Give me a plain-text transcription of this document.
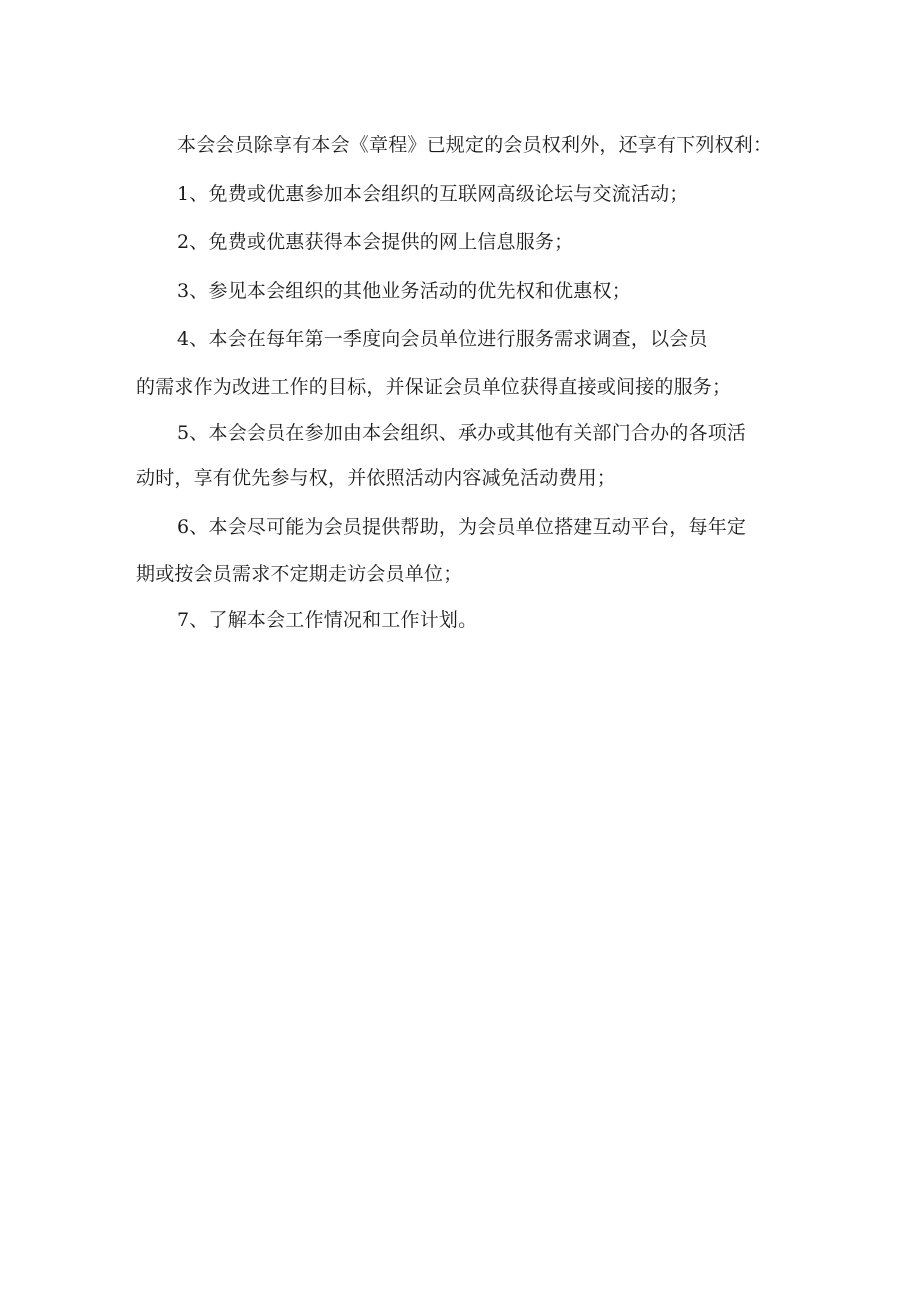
本会会员除享有本会《章程》已规定的会员权利外，还享有下列权利：
1、免费或优惠参加本会组织的互联网高级论坛与交流活动；
2、免费或优惠获得本会提供的网上信息服务；
3、参见本会组织的其他业务活动的优先权和优惠权；
4、本会在每年第一季度向会员单位进行服务需求调查，以会员
的需求作为改进工作的目标，并保证会员单位获得直接或间接的服务；
5、本会会员在参加由本会组织、承办或其他有关部门合办的各项活
动时，享有优先参与权，并依照活动内容减免活动费用；
6、本会尽可能为会员提供帮助，为会员单位搭建互动平台，每年定
期或按会员需求不定期走访会员单位；
7、了解本会工作情况和工作计划。
